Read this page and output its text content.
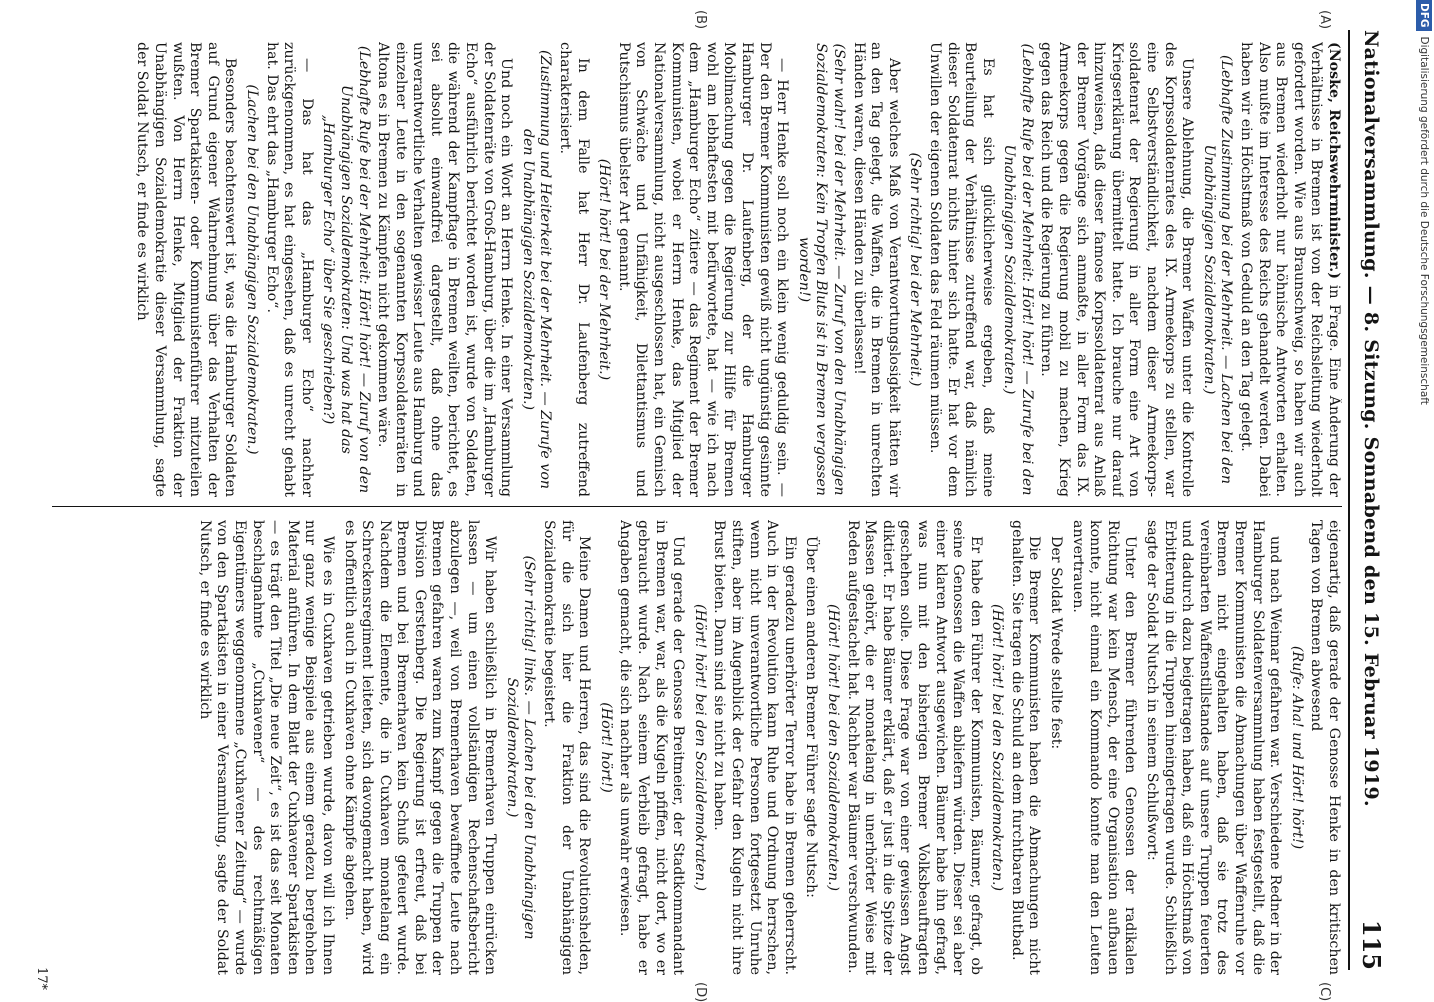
Nationalversammlung. — 8. Sitzung. Sonnabend den 15. Februar 1919.
115
(A)
(B)
(C)
(D)

(Noske, Reichswehrminister.) in Frage. Eine Änderung der Verhältnisse in Bremen ist von der Reichsleitung wiederholt gefordert worden. Wie aus Braunschweig, so haben wir auch aus Bremen wiederholt nur höhnische Antworten erhalten. Also mußte im Interesse des Reichs gehandelt werden. Dabei haben wir ein Höchstmaß von Geduld an den Tag gelegt.

(Lebhafte Zustimmung bei der Mehrheit. — Lachen bei den Unabhängigen Sozialdemokraten.)

Unsere Ablehnung, die Bremer Waffen unter die Kontrolle des Korpssoldatenrates des IX. Armeekorps zu stellen, war eine Selbstverständlichkeit, nachdem dieser Armeekorps-soldatenrat der Regierung in aller Form eine Art von Kriegserklärung übermittelt hatte. Ich brauche nur darauf hinzuweisen, daß dieser famose Korpssoldatenrat aus Anlaß der Bremer Vorgänge sich anmaßte, in aller Form das IX. Armeekorps gegen die Regierung mobil zu machen, Krieg gegen das Reich und die Regierung zu führen.

(Lebhafte Rufe bei der Mehrheit: Hört! hört! — Zurufe bei den Unabhängigen Sozialdemokraten.)

Es hat sich glücklicherweise ergeben, daß meine Beurteilung der Verhältnisse zutreffend war, daß nämlich dieser Soldatenrat nichts hinter sich hatte. Er hat vor dem Unwillen der eigenen Soldaten das Feld räumen müssen.

(Sehr richtig! bei der Mehrheit.)

Aber welches Maß von Verantwortungslosigkeit hätten wir an den Tag gelegt, die Waffen, die in Bremen in unrechten Händen waren, diesen Händen zu überlassen!

(Sehr wahr! bei der Mehrheit. — Zuruf von den Unabhängigen Sozialdemokraten: Kein Tropfen Bluts ist in Bremen vergossen worden!)

— Herr Henke soll noch ein klein wenig geduldig sein. — Der den Bremer Kommunisten gewiß nicht ungünstig gesinnte Hamburger Dr. Laufenberg, der die Hamburger Mobilmachung gegen die Regierung zur Hilfe für Bremen wohl am lebhaftesten mit befürwortete, hat — wie ich nach dem „Hamburger Echo“ zitiere — das Regiment der Bremer Kommunisten, wobei er Herrn Henke, das Mitglied der Nationalversammlung, nicht ausgeschlossen hat, ein Gemisch von Schwäche und Unfähigkeit, Dilettantismus und Putschismus übelster Art genannt.

(Hört! hört! bei der Mehrheit.)

In dem Falle hat Herr Dr. Laufenberg zutreffend charakterisiert.

(Zustimmung und Heiterkeit bei der Mehrheit. — Zurufe von den Unabhängigen Sozialdemokraten.)

Und noch ein Wort an Herrn Henke. In einer Versammlung der Soldatenräte von Groß-Hamburg, über die im „Hamburger Echo“ ausführlich berichtet worden ist, wurde von Soldaten, die während der Kampftage in Bremen weilten, berichtet, es sei absolut einwandfrei dargestellt, daß ohne das unverantwortliche Verhalten gewisser Leute aus Hamburg und einzelner Leute in den sogenannten Korpssoldatenräten in Altona es in Bremen zu Kämpfen nicht gekommen wäre.

(Lebhafte Rufe bei der Mehrheit: Hört! hört! — Zuruf von den Unabhängigen Sozialdemokraten: Und was hat das „Hamburger Echo“ über Sie geschrieben?)

— Das hat das „Hamburger Echo“ nachher zurückgenommen, es hat eingesehen, daß es unrecht gehabt hat. Das ehrt das „Hamburger Echo“.

(Lachen bei den Unabhängigen Sozialdemokraten.)

Besonders beachtenswert ist, was die Hamburger Soldaten auf Grund eigener Wahrnehmung über das Verhalten der Bremer Spartakisten- oder Kommunistenführer mitzuteilen wußten. Von Herrn Henke, Mitglied der Fraktion der Unabhängigen Sozialdemokratie dieser Versammlung, sagte der Soldat Nutsch, er finde es wirklich

eigenartig, daß gerade der Genosse Henke in den kritischen Tagen von Bremen abwesend

(Rufe: Aha! und Hört! hört!)

und nach Weimar gefahren war. Verschiedene Redner in der Hamburger Soldatenversammlung haben festgestellt, daß die Bremer Kommunisten die Abmachungen über Waffenruhe vor Bremen nicht eingehalten haben, daß sie trotz des vereinbarten Waffenstillstandes auf unsere Truppen feuerten und dadurch dazu beigetragen haben, daß ein Höchstmaß von Erbitterung in die Truppen hineingetragen wurde. Schließlich sagte der Soldat Nutsch in seinem Schlußwort:

Unter den Bremer führenden Genossen der radikalen Richtung war kein Mensch, der eine Organisation aufbauen konnte, nicht einmal ein Kommando konnte man den Leuten anvertrauen.

Der Soldat Wrede stellte fest:

Die Bremer Kommunisten haben die Abmachungen nicht gehalten. Sie tragen die Schuld an dem furchtbaren Blutbad.

(Hört! hört! bei den Sozialdemokraten.)

Er habe den Führer der Kommunisten, Bäumer, gefragt, ob seine Genossen die Waffen abliefern würden. Dieser sei aber einer klaren Antwort ausgewichen. Bäumer habe ihn gefragt, was nun mit den bisherigen Bremer Volksbeauftragten geschehen solle. Diese Frage war von einer gewissen Angst diktiert. Er habe Bäumer erklärt, daß er just in die Spitze der Massen gehört, die er monatelang in unerhörter Weise mit Reden aufgestachelt hat. Nachher war Bäumer verschwunden.

(Hört! hört! bei den Sozialdemokraten.)

Über einen anderen Bremer Führer sagte Nutsch:

Ein geradezu unerhörter Terror habe in Bremen geherrscht. Auch in der Revolution kann Ruhe und Ordnung herrschen, wenn nicht unverantwortliche Personen fortgesetzt Unruhe stiften, aber im Augenblick der Gefahr den Kugeln nicht ihre Brust bieten. Dann sind sie nicht zu haben.

(Hört! hört! bei den Sozialdemokraten.)

Und gerade der Genosse Breitmeier, der Stadtkommandant in Bremen war, war, als die Kugeln pfiffen, nicht dort, wo er gebraucht wurde. Nach seinem Verbleib gefragt, habe er Angaben gemacht, die sich nachher als unwahr erwiesen.

(Hört! hört!)

Meine Damen und Herren, das sind die Revolutionshelden, für die sich hier die Fraktion der Unabhängigen Sozialdemokratie begeistert.

(Sehr richtig! links. — Lachen bei den Unabhängigen Sozialdemokraten.)

Wir haben schließlich in Bremerhaven Truppen einrücken lassen — um einen vollständigen Rechenschaftsbericht abzulegen —, weil von Bremerhaven bewaffnete Leute nach Bremen gefahren waren zum Kampf gegen die Truppen der Division Gerstenberg. Die Regierung ist erfreut, daß bei Bremen und bei Bremerhaven kein Schuß gefeuert wurde. Nachdem die Elemente, die in Cuxhaven monatelang ein Schreckensregiment leiteten, sich davongemacht haben, wird es hoffentlich auch in Cuxhaven ohne Kämpfe abgehen.

Wie es in Cuxhaven getrieben wurde, davon will ich Ihnen nur ganz wenige Beispiele aus einem geradezu bergehohen Material anführen. In dem Blatt der Cuxhavener Spartakisten — es trägt den Titel „Die neue Zeit“, es ist das seit Monaten beschlagnahmte „Cuxhavener“ — des rechtmäßigen Eigentümers weggenommene „Cuxhavener Zeitung“ — wurde von den Spartakisten in einer Versammlung, sagte der Soldat Nutsch, er finde es wirklich

17*
DFGDigitalisierung gefördert durch die Deutsche Forschungsgemeinschaft
